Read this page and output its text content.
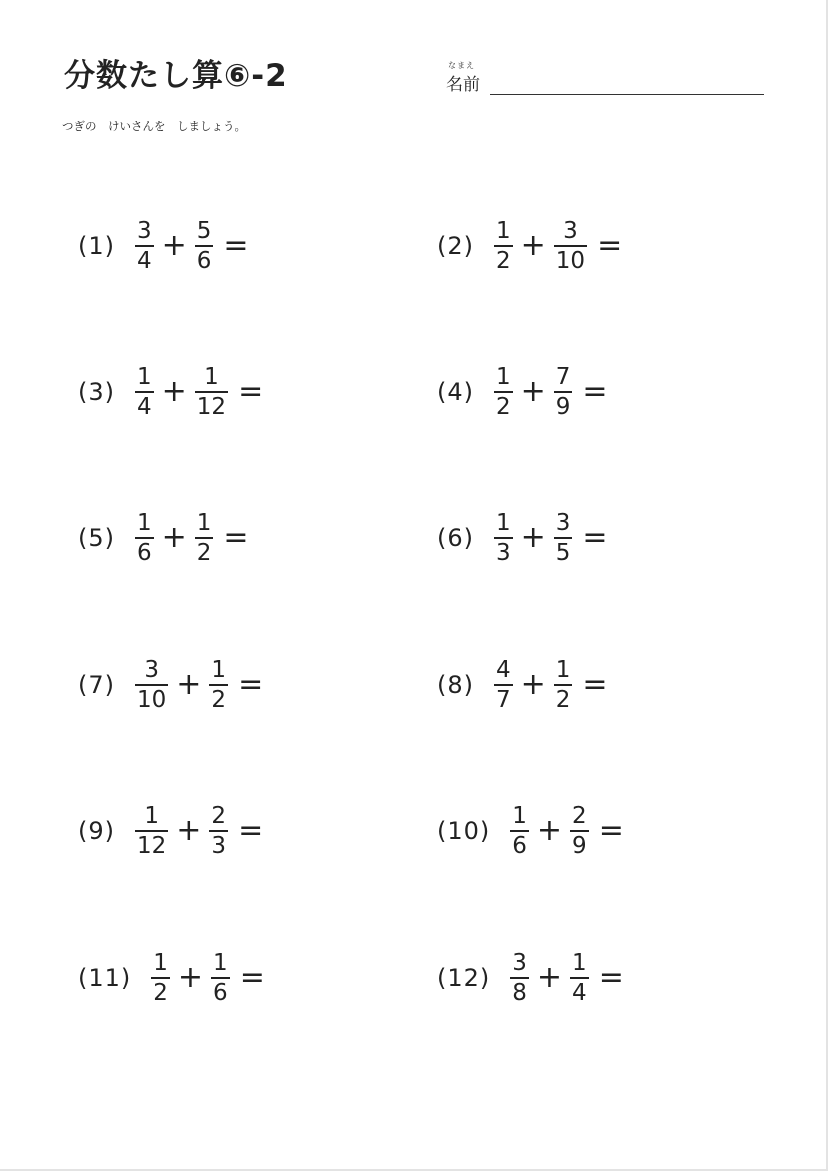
分数たし算⑥-2	なまえ
名前
つぎの　けいさんを　しましょう。
$(1) \frac{3}{4} + \frac{5}{6}$ =	$(2) \frac{1}{2} + \frac{3}{10}$ =
$(3) \frac{1}{4} + \frac{1}{12}$ =	$(4) \frac{1}{2} + \frac{7}{9}$ =
$(5) \frac{1}{6} + \frac{1}{2}$ =	$(6) \frac{1}{3} + \frac{3}{5}$ =
$(7) \frac{3}{10} + \frac{1}{2}$ =	$(8) \frac{4}{7} + \frac{1}{2}$ =
$(9) \frac{1}{12} + \frac{2}{3}$ =	$(10) \frac{1}{6} + \frac{2}{9}$ =
$(11) \frac{1}{2} + \frac{1}{6}$ =	$(12) \frac{3}{8} + \frac{1}{4}$ =
